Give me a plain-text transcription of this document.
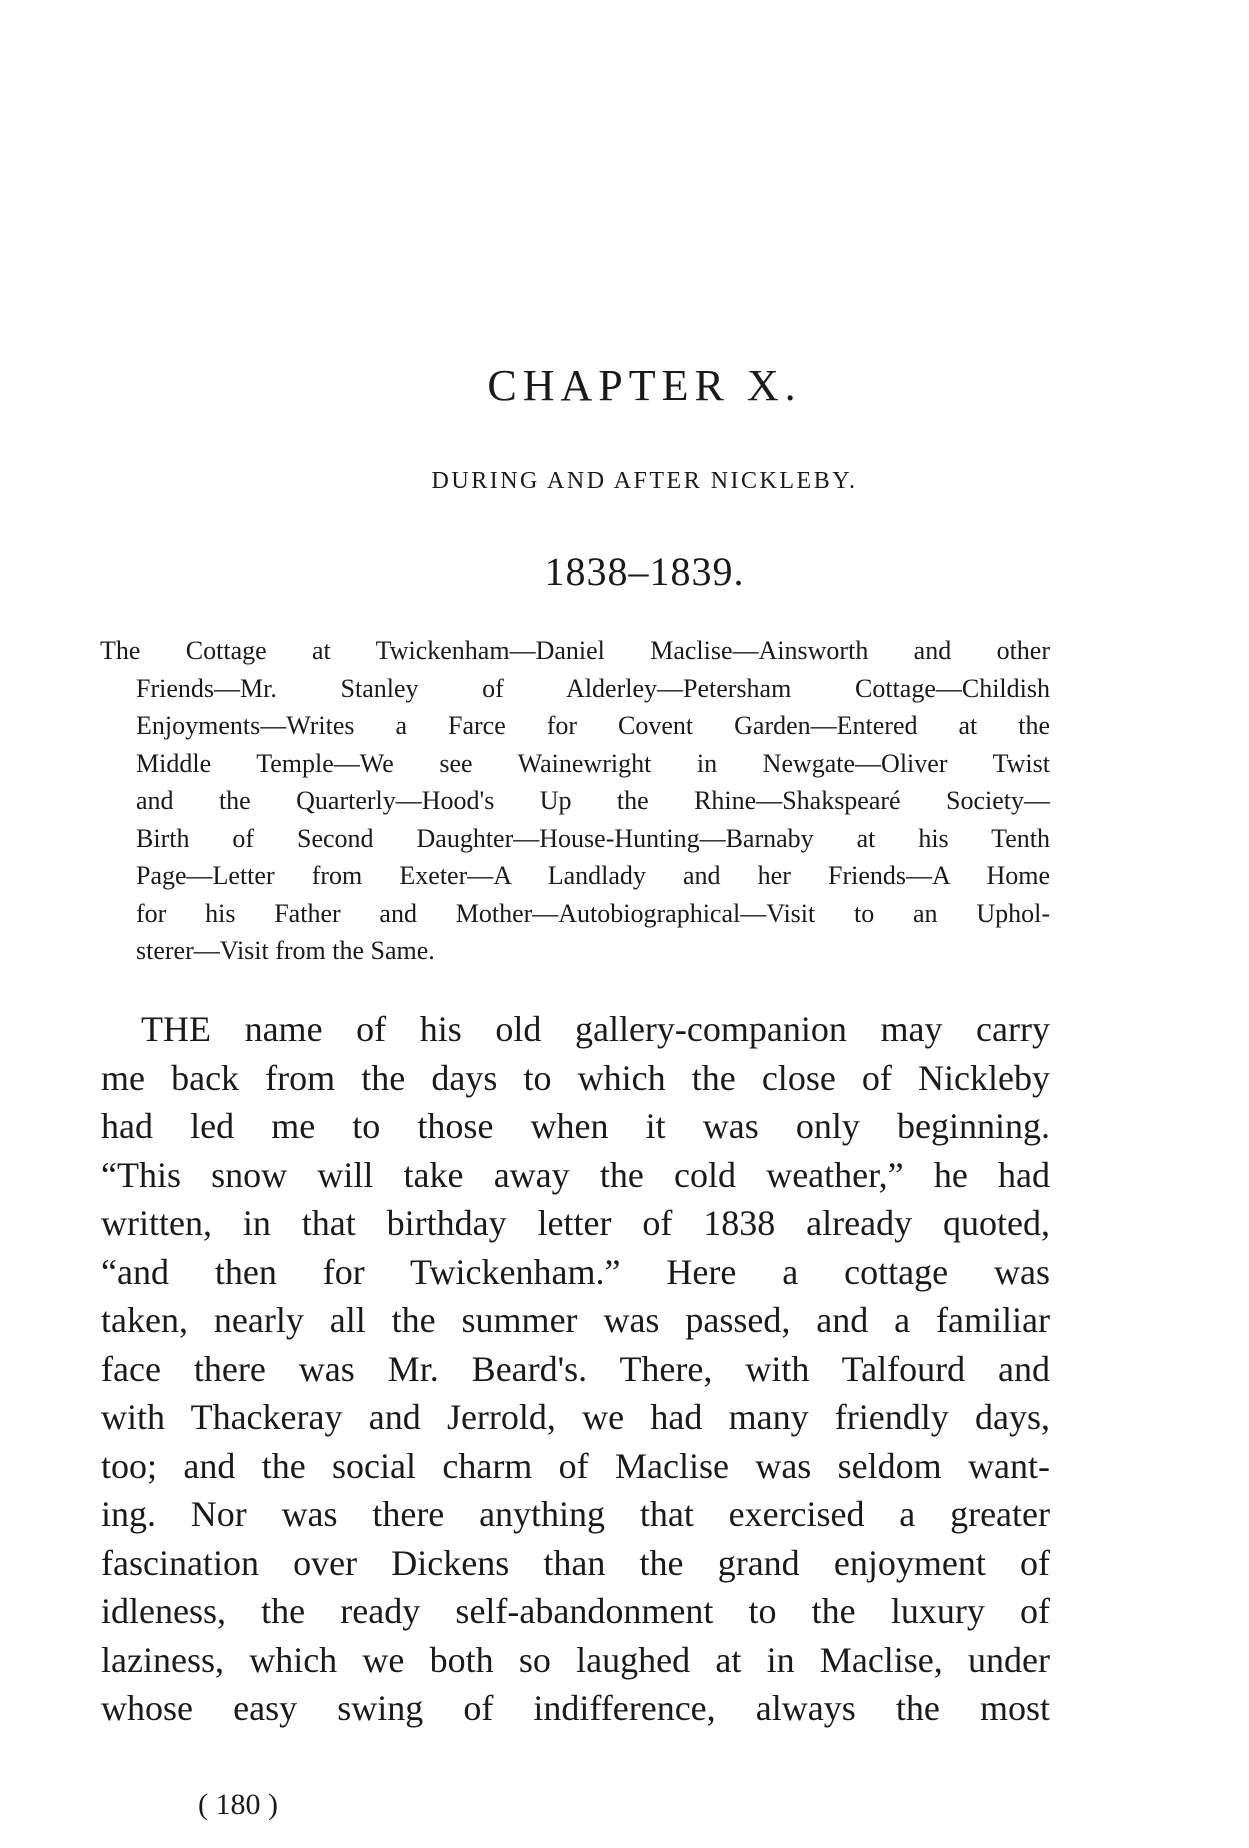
CHAPTER X.
DURING AND AFTER NICKLEBY.
1838–1839.
The Cottage at Twickenham—Daniel Maclise—Ainsworth and other
Friends—Mr. Stanley of Alderley—Petersham Cottage—Childish
Enjoyments—Writes a Farce for Covent Garden—Entered at the
Middle Temple—We see Wainewright in Newgate—Oliver Twist
and the Quarterly—Hood's Up the Rhine—Shakspearé Society—
Birth of Second Daughter—House-Hunting—Barnaby at his Tenth
Page—Letter from Exeter—A Landlady and her Friends—A Home
for his Father and Mother—Autobiographical—Visit to an Uphol-
sterer—Visit from the Same.
THE name of his old gallery-companion may carry
me back from the days to which the close of Nickleby
had led me to those when it was only beginning.
“This snow will take away the cold weather,” he had
written, in that birthday letter of 1838 already quoted,
“and then for Twickenham.” Here a cottage was
taken, nearly all the summer was passed, and a familiar
face there was Mr. Beard's. There, with Talfourd and
with Thackeray and Jerrold, we had many friendly days,
too; and the social charm of Maclise was seldom want-
ing. Nor was there anything that exercised a greater
fascination over Dickens than the grand enjoyment of
idleness, the ready self-abandonment to the luxury of
laziness, which we both so laughed at in Maclise, under
whose easy swing of indifference, always the most
( 180 )
